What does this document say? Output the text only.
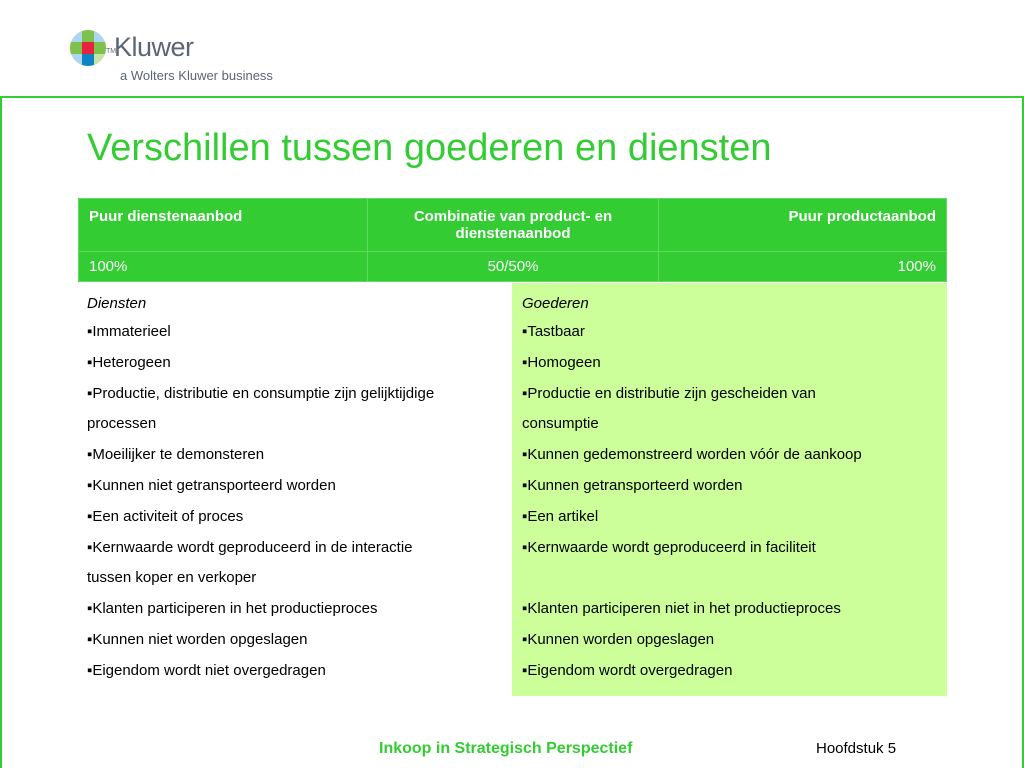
TM
Kluwer
a Wolters Kluwer business
Verschillen tussen goederen en diensten
Puur dienstenaanbod	Combinatie van product- en dienstenaanbod	Puur productaanbod
100%	50/50%	100%
Diensten
▪Immaterieel
▪Heterogeen
▪Productie, distributie en consumptie zijn gelijktijdige
processen
▪Moeilijker te demonsteren
▪Kunnen niet getransporteerd worden
▪Een activiteit of proces
▪Kernwaarde wordt geproduceerd in de interactie
tussen koper en verkoper
▪Klanten participeren in het productieproces
▪Kunnen niet worden opgeslagen
▪Eigendom wordt niet overgedragen
Goederen
▪Tastbaar
▪Homogeen
▪Productie en distributie zijn gescheiden van
consumptie
▪Kunnen gedemonstreerd worden vóór de aankoop
▪Kunnen getransporteerd worden
▪Een artikel
▪Kernwaarde wordt geproduceerd in faciliteit
▪Klanten participeren niet in het productieproces
▪Kunnen worden opgeslagen
▪Eigendom wordt overgedragen
Inkoop in Strategisch Perspectief	Hoofdstuk 5
